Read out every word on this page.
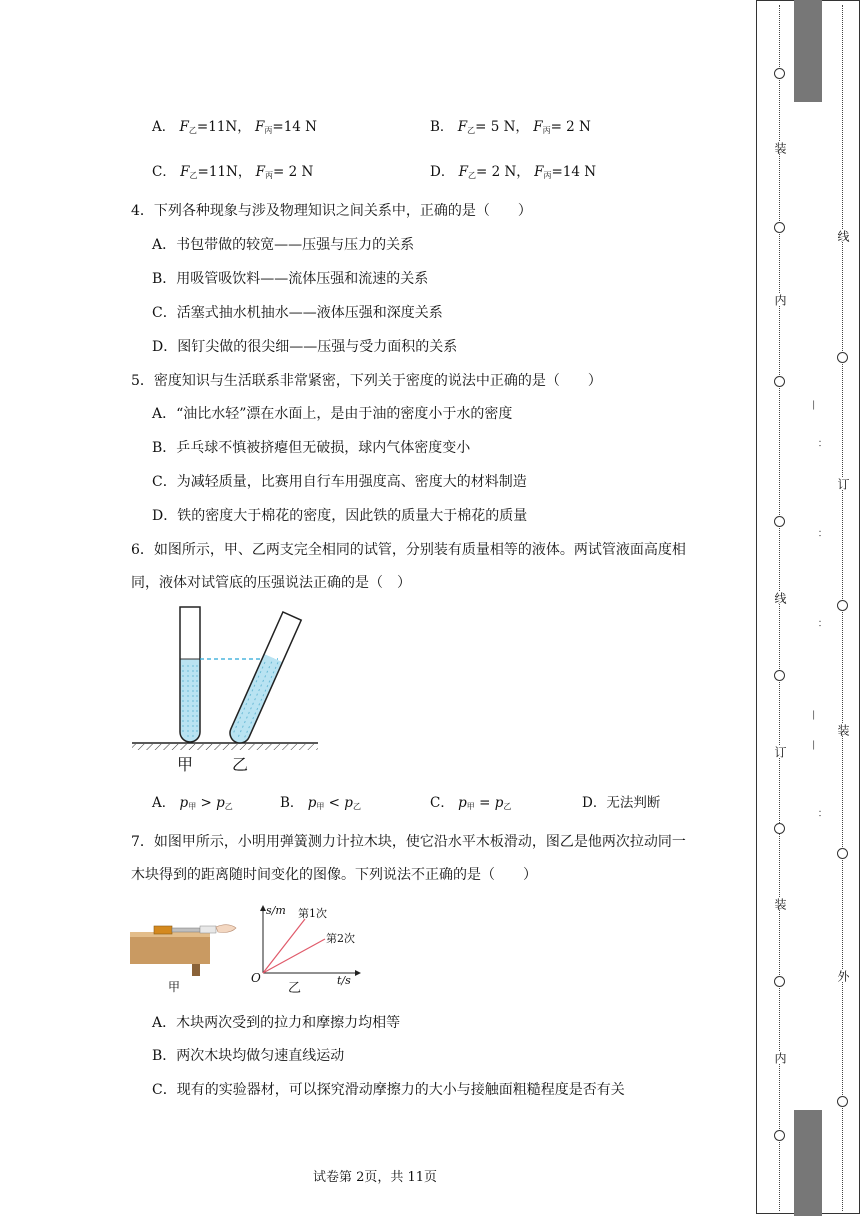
A． $F_乙=11N$， $F_丙=14$ N	B． $F_乙= 5$ N， $F_丙= 2$ N
C． $F_乙=11N$， $F_丙= 2$ N	D． $F_乙= 2$ N， $F_丙=14$ N
4．下列各种现象与涉及物理知识之间关系中，正确的是（　　）
A．书包带做的较宽——压强与压力的关系
B．用吸管吸饮料——流体压强和流速的关系
C．活塞式抽水机抽水——液体压强和深度关系
D．图钉尖做的很尖细——压强与受力面积的关系
5．密度知识与生活联系非常紧密，下列关于密度的说法中正确的是（　　）
A．“油比水轻”漂在水面上，是由于油的密度小于水的密度
B．乒乓球不慎被挤瘪但无破损，球内气体密度变小
C．为减轻质量，比赛用自行车用强度高、密度大的材料制造
D．铁的密度大于棉花的密度，因此铁的质量大于棉花的质量
6．如图所示，甲、乙两支完全相同的试管，分别装有质量相等的液体。两试管液面高度相
同，液体对试管底的压强说法正确的是（　）
甲 乙
A． $p_甲 > p_乙$	B． $p_甲 < p_乙$	C． $p_甲 = p_乙$	D．无法判断
7．如图甲所示，小明用弹簧测力计拉木块，使它沿水平木板滑动，图乙是他两次拉动同一
木块得到的距离随时间变化的图像。下列说法不正确的是（　　）
甲
s/m
t/s
O
第1次
第2次
乙
A．木块两次受到的拉力和摩擦力均相等
B．两次木块均做匀速直线运动
C．现有的实验器材，可以探究滑动摩擦力的大小与接触面粗糙程度是否有关
试卷第 2页，共 11页
装
内
线
订
装
内
—
：
：
：
—
—
：
线
订
装
外
